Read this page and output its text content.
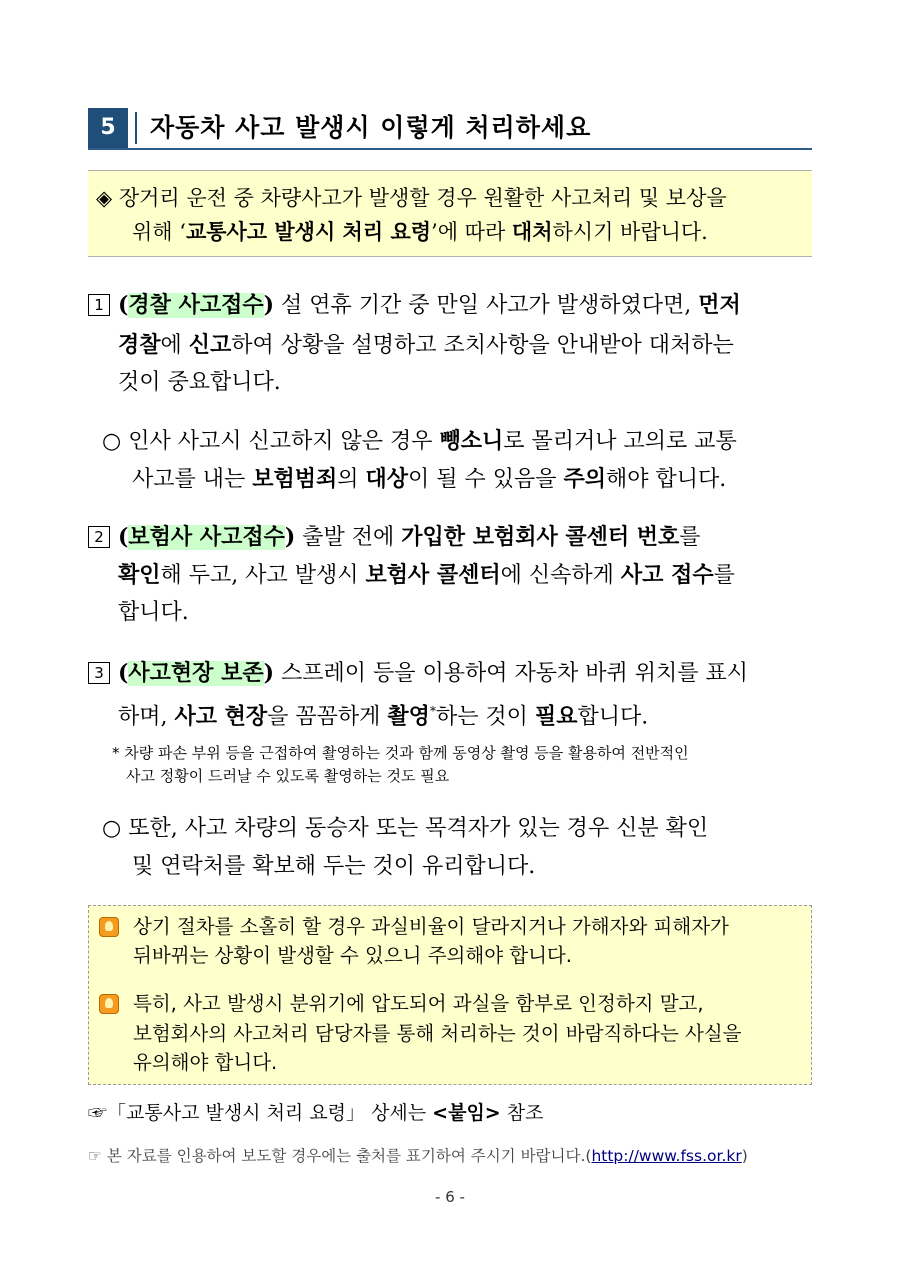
5	자동차 사고 발생시 이렇게 처리하세요
◈ 장거리 운전 중 차량사고가 발생할 경우 원활한 사고처리 및 보상을
위해 ‘교통사고 발생시 처리 요령’에 따라 대처하시기 바랍니다.
1 (경찰 사고접수) 설 연휴 기간 중 만일 사고가 발생하였다면, 먼저
경찰에 신고하여 상황을 설명하고 조치사항을 안내받아 대처하는
것이 중요합니다.
○ 인사 사고시 신고하지 않은 경우 뺑소니로 몰리거나 고의로 교통
사고를 내는 보험범죄의 대상이 될 수 있음을 주의해야 합니다.
2 (보험사 사고접수) 출발 전에 가입한 보험회사 콜센터 번호를
확인해 두고, 사고 발생시 보험사 콜센터에 신속하게 사고 접수를
합니다.
3 (사고현장 보존) 스프레이 등을 이용하여 자동차 바퀴 위치를 표시
하며, 사고 현장을 꼼꼼하게 촬영*하는 것이 필요합니다.
* 차량 파손 부위 등을 근접하여 촬영하는 것과 함께 동영상 촬영 등을 활용하여 전반적인
사고 정황이 드러날 수 있도록 촬영하는 것도 필요
○ 또한, 사고 차량의 동승자 또는 목격자가 있는 경우 신분 확인
및 연락처를 확보해 두는 것이 유리합니다.
상기 절차를 소홀히 할 경우 과실비율이 달라지거나 가해자와 피해자가
뒤바뀌는 상황이 발생할 수 있으니 주의해야 합니다.
특히, 사고 발생시 분위기에 압도되어 과실을 함부로 인정하지 말고,
보험회사의 사고처리 담당자를 통해 처리하는 것이 바람직하다는 사실을
유의해야 합니다.
☞「교통사고 발생시 처리 요령」 상세는 <붙임> 참조
☞ 본 자료를 인용하여 보도할 경우에는 출처를 표기하여 주시기 바랍니다.(http://www.fss.or.kr)
- 6 -
